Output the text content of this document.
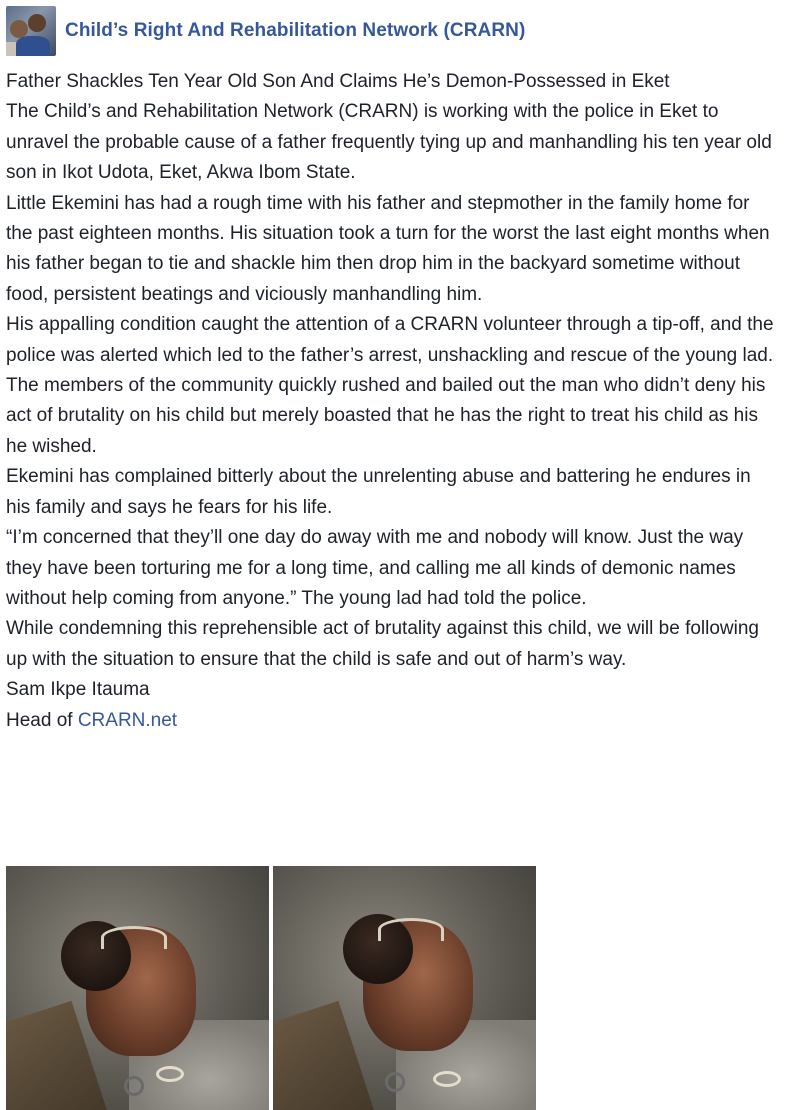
Child’s Right And Rehabilitation Network (CRARN)

Father Shackles Ten Year Old Son And Claims He’s Demon-Possessed in Eket

The Child’s and Rehabilitation Network (CRARN) is working with the police in Eket to unravel the probable cause of a father frequently tying up and manhandling his ten year old son in Ikot Udota, Eket, Akwa Ibom State.

Little Ekemini has had a rough time with his father and stepmother in the family home for the past eighteen months. His situation took a turn for the worst the last eight months when his father began to tie and shackle him then drop him in the backyard sometime without food, persistent beatings and viciously manhandling him.

His appalling condition caught the attention of a CRARN volunteer through a tip-off, and the police was alerted which led to the father’s arrest, unshackling and rescue of the young lad.

The members of the community quickly rushed and bailed out the man who didn’t deny his act of brutality on his child but merely boasted that he has the right to treat his child as his he wished.

Ekemini has complained bitterly about the unrelenting abuse and battering he endures in his family and says he fears for his life.

“I’m concerned that they’ll one day do away with me and nobody will know. Just the way they have been torturing me for a long time, and calling me all kinds of demonic names without help coming from anyone.” The young lad had told the police.

While condemning this reprehensible act of brutality against this child, we will be following up with the situation to ensure that the child is safe and out of harm’s way.

Sam Ikpe Itauma

Head of CRARN.net
